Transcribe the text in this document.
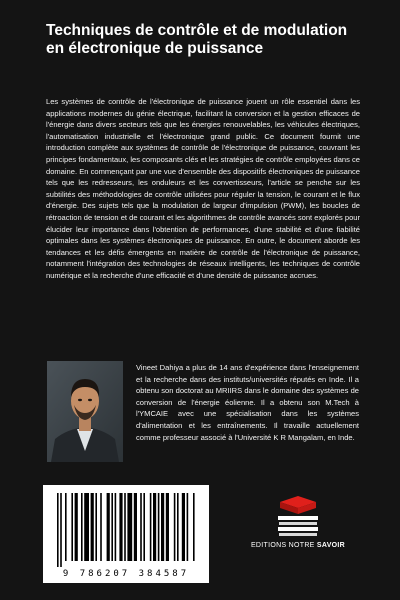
Techniques de contrôle et de modulation en électronique de puissance

Les systèmes de contrôle de l'électronique de puissance jouent un rôle essentiel dans les applications modernes du génie électrique, facilitant la conversion et la gestion efficaces de l'énergie dans divers secteurs tels que les énergies renouvelables, les véhicules électriques, l'automatisation industrielle et l'électronique grand public. Ce document fournit une introduction complète aux systèmes de contrôle de l'électronique de puissance, couvrant les principes fondamentaux, les composants clés et les stratégies de contrôle employées dans ce domaine. En commençant par une vue d'ensemble des dispositifs électroniques de puissance tels que les redresseurs, les onduleurs et les convertisseurs, l'article se penche sur les subtilités des méthodologies de contrôle utilisées pour réguler la tension, le courant et le flux d'énergie. Des sujets tels que la modulation de largeur d'impulsion (PWM), les boucles de rétroaction de tension et de courant et les algorithmes de contrôle avancés sont explorés pour élucider leur importance dans l'obtention de performances, d'une stabilité et d'une fiabilité optimales dans les systèmes électroniques de puissance. En outre, le document aborde les tendances et les défis émergents en matière de contrôle de l'électronique de puissance, notamment l'intégration des technologies de réseaux intelligents, les techniques de contrôle numérique et la recherche d'une efficacité et d'une densité de puissance accrues.

Vineet Dahiya a plus de 14 ans d'expérience dans l'enseignement et la recherche dans des instituts/universités réputés en Inde. Il a obtenu son doctorat au MRIIRS dans le domaine des systèmes de conversion de l'énergie éolienne. Il a obtenu son M.Tech à l'YMCAIE avec une spécialisation dans les systèmes d'alimentation et les entraînements. Il travaille actuellement comme professeur associé à l'Université K R Mangalam, en Inde.

9 786207 384587
EDITIONS NOTRE SAVOIR
